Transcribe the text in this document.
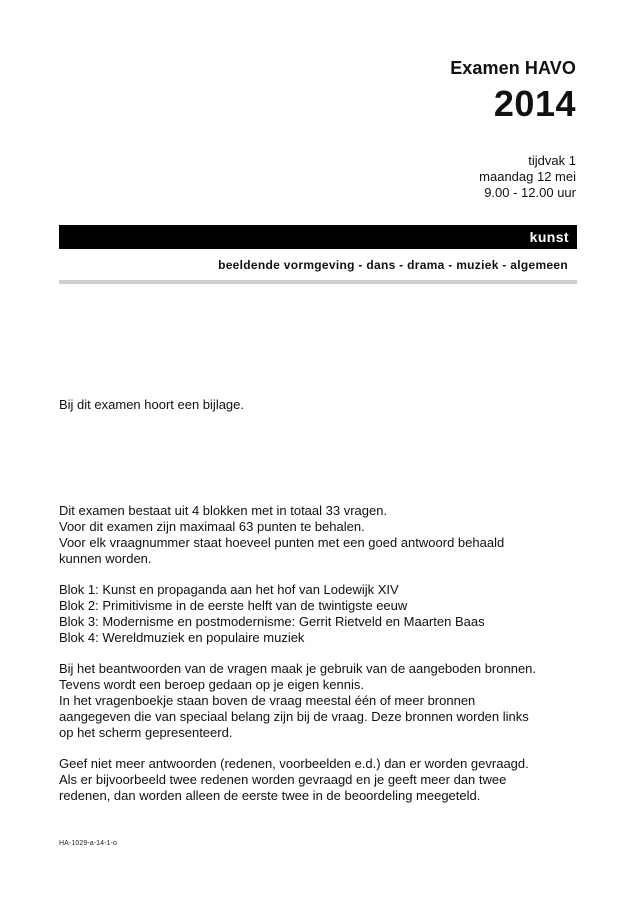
Examen HAVO
2014
tijdvak 1
maandag 12 mei
9.00 - 12.00 uur
kunst
beeldende vormgeving - dans - drama - muziek - algemeen
Bij dit examen hoort een bijlage.
Dit examen bestaat uit 4 blokken met in totaal 33 vragen.
Voor dit examen zijn maximaal 63 punten te behalen.
Voor elk vraagnummer staat hoeveel punten met een goed antwoord behaald
kunnen worden.
Blok 1: Kunst en propaganda aan het hof van Lodewijk XIV
Blok 2: Primitivisme in de eerste helft van de twintigste eeuw
Blok 3: Modernisme en postmodernisme: Gerrit Rietveld en Maarten Baas
Blok 4: Wereldmuziek en populaire muziek
Bij het beantwoorden van de vragen maak je gebruik van de aangeboden bronnen.
Tevens wordt een beroep gedaan op je eigen kennis.
In het vragenboekje staan boven de vraag meestal één of meer bronnen
aangegeven die van speciaal belang zijn bij de vraag. Deze bronnen worden links
op het scherm gepresenteerd.
Geef niet meer antwoorden (redenen, voorbeelden e.d.) dan er worden gevraagd.
Als er bijvoorbeeld twee redenen worden gevraagd en je geeft meer dan twee
redenen, dan worden alleen de eerste twee in de beoordeling meegeteld.
HA-1029-a-14-1-o
